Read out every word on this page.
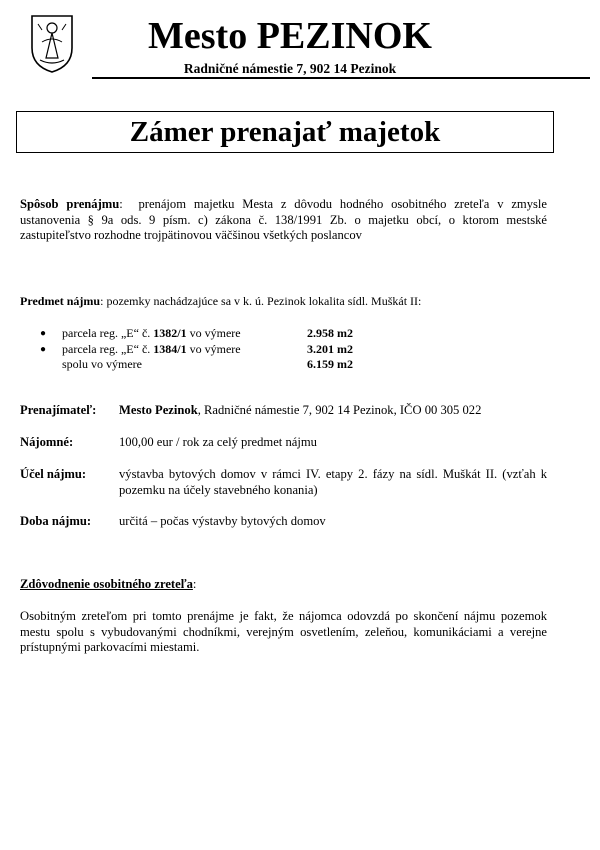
Mesto PEZINOK
Radničné námestie 7, 902 14 Pezinok
Zámer prenajať majetok
Spôsob prenájmu:  prenájom majetku Mesta z dôvodu hodného osobitného zreteľa v zmysle ustanovenia § 9a ods. 9 písm. c) zákona č. 138/1991 Zb. o majetku obcí, o ktorom mestské zastupiteľstvo rozhodne trojpätinovou väčšinou všetkých poslancov
Predmet nájmu: pozemky nachádzajúce sa v k. ú. Pezinok lokalita sídl. Muškát II:
● parcela reg. „E“ č. 1382/1 vo výmere	2.958 m2
● parcela reg. „E“ č. 1384/1 vo výmere	3.201 m2
spolu vo výmere	6.159 m2
Prenajímateľ: Mesto Pezinok, Radničné námestie 7, 902 14 Pezinok, IČO 00 305 022
Nájomné:	100,00 eur / rok za celý predmet nájmu
Účel nájmu:	výstavba bytových domov v rámci IV. etapy 2. fázy na sídl. Muškát II. (vzťah k pozemku na účely stavebného konania)
Doba nájmu: určitá – počas výstavby bytových domov
Zdôvodnenie osobitného zreteľa:
Osobitným zreteľom pri tomto prenájme je fakt, že nájomca odovzdá po skončení nájmu pozemok mestu spolu s vybudovanými chodníkmi, verejným osvetlením, zeleňou, komunikáciami a verejne prístupnými parkovacími miestami.
